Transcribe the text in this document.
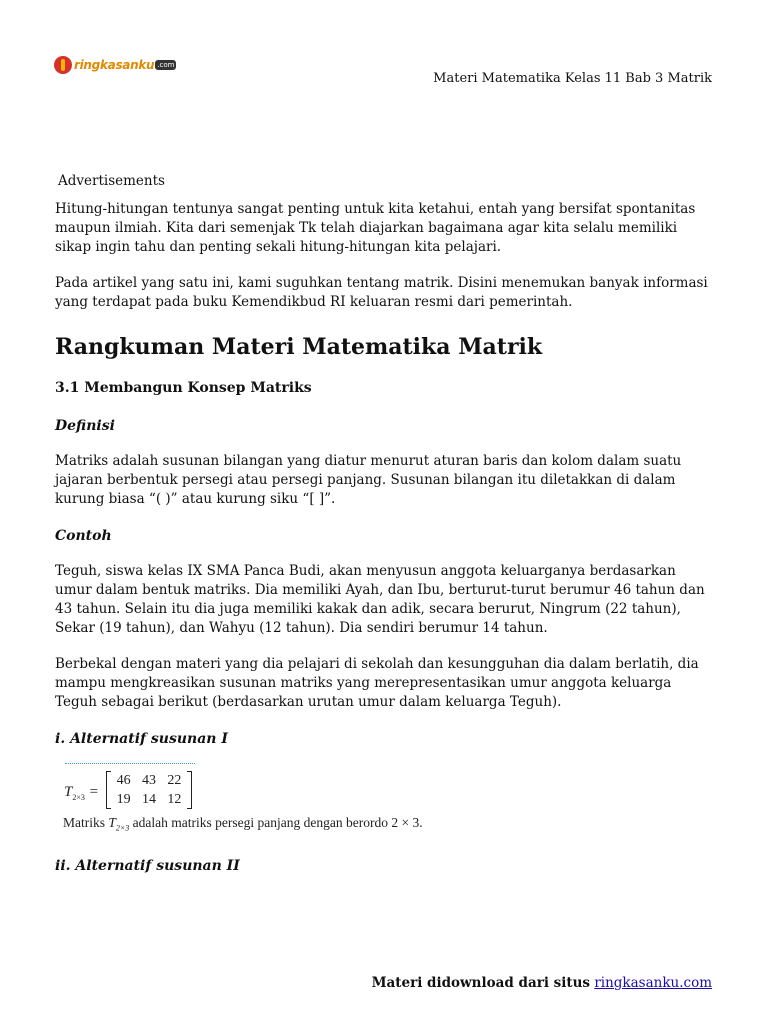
ringkasanku .com
Materi Matematika Kelas 11 Bab 3 Matrik
Advertisements

Hitung-hitungan tentunya sangat penting untuk kita ketahui, entah yang bersifat spontanitas maupun ilmiah. Kita dari semenjak Tk telah diajarkan bagaimana agar kita selalu memiliki sikap ingin tahu dan penting sekali hitung-hitungan kita pelajari.

Pada artikel yang satu ini, kami suguhkan tentang matrik. Disini menemukan banyak informasi yang terdapat pada buku Kemendikbud RI keluaran resmi dari pemerintah.

Rangkuman Materi Matematika Matrik
3.1 Membangun Konsep Matriks
Definisi

Matriks adalah susunan bilangan yang diatur menurut aturan baris dan kolom dalam suatu jajaran berbentuk persegi atau persegi panjang. Susunan bilangan itu diletakkan di dalam kurung biasa “( )” atau kurung siku “[ ]”.

Contoh

Teguh, siswa kelas IX SMA Panca Budi, akan menyusun anggota keluarganya berdasarkan umur dalam bentuk matriks. Dia memiliki Ayah, dan Ibu, berturut-turut berumur 46 tahun dan 43 tahun. Selain itu dia juga memiliki kakak dan adik, secara berurut, Ningrum (22 tahun), Sekar (19 tahun), dan Wahyu (12 tahun). Dia sendiri berumur 14 tahun.

Berbekal dengan materi yang dia pelajari di sekolah dan kesungguhan dia dalam berlatih, dia mampu mengkreasikan susunan matriks yang merepresentasikan umur anggota keluarga Teguh sebagai berikut (berdasarkan urutan umur dalam keluarga Teguh).

i. Alternatif susunan I
$T_{2\times 3}$ =
46 43 22
19 14 12
Matriks $T_{2\times 3}$ adalah matriks persegi panjang dengan berordo 2 × 3.
ii. Alternatif susunan II
Materi didownload dari situs ringkasanku.com
